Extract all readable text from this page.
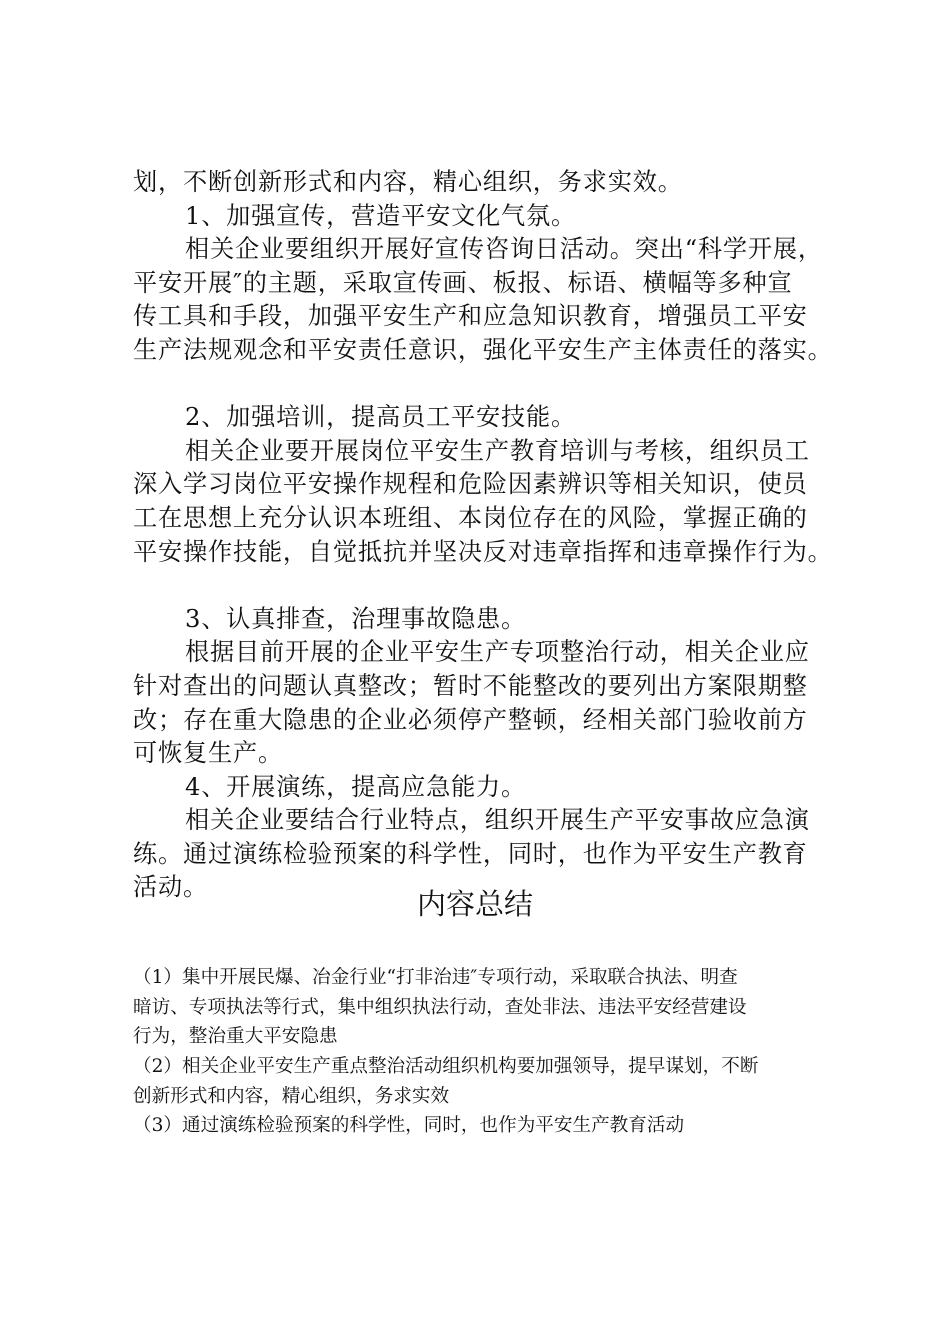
划，不断创新形式和内容，精心组织，务求实效。
1、加强宣传，营造平安文化气氛。
相关企业要组织开展好宣传咨询日活动。突出“科学开展，
平安开展″的主题，采取宣传画、板报、标语、横幅等多种宣
传工具和手段，加强平安生产和应急知识教育，增强员工平安
生产法规观念和平安责任意识，强化平安生产主体责任的落实。
2、加强培训，提高员工平安技能。
相关企业要开展岗位平安生产教育培训与考核，组织员工
深入学习岗位平安操作规程和危险因素辨识等相关知识，使员
工在思想上充分认识本班组、本岗位存在的风险，掌握正确的
平安操作技能，自觉抵抗并坚决反对违章指挥和违章操作行为。
3、认真排查，治理事故隐患。
根据目前开展的企业平安生产专项整治行动，相关企业应
针对查出的问题认真整改；暂时不能整改的要列出方案限期整
改；存在重大隐患的企业必须停产整顿，经相关部门验收前方
可恢复生产。
4、开展演练，提高应急能力。
相关企业要结合行业特点，组织开展生产平安事故应急演
练。通过演练检验预案的科学性，同时，也作为平安生产教育
活动。	内容总结
（1）集中开展民爆、冶金行业“打非治违″专项行动，采取联合执法、明查
暗访、专项执法等行式，集中组织执法行动，查处非法、违法平安经营建设
行为，整治重大平安隐患
（2）相关企业平安生产重点整治活动组织机构要加强领导，提早谋划，不断
创新形式和内容，精心组织，务求实效
（3）通过演练检验预案的科学性，同时，也作为平安生产教育活动
